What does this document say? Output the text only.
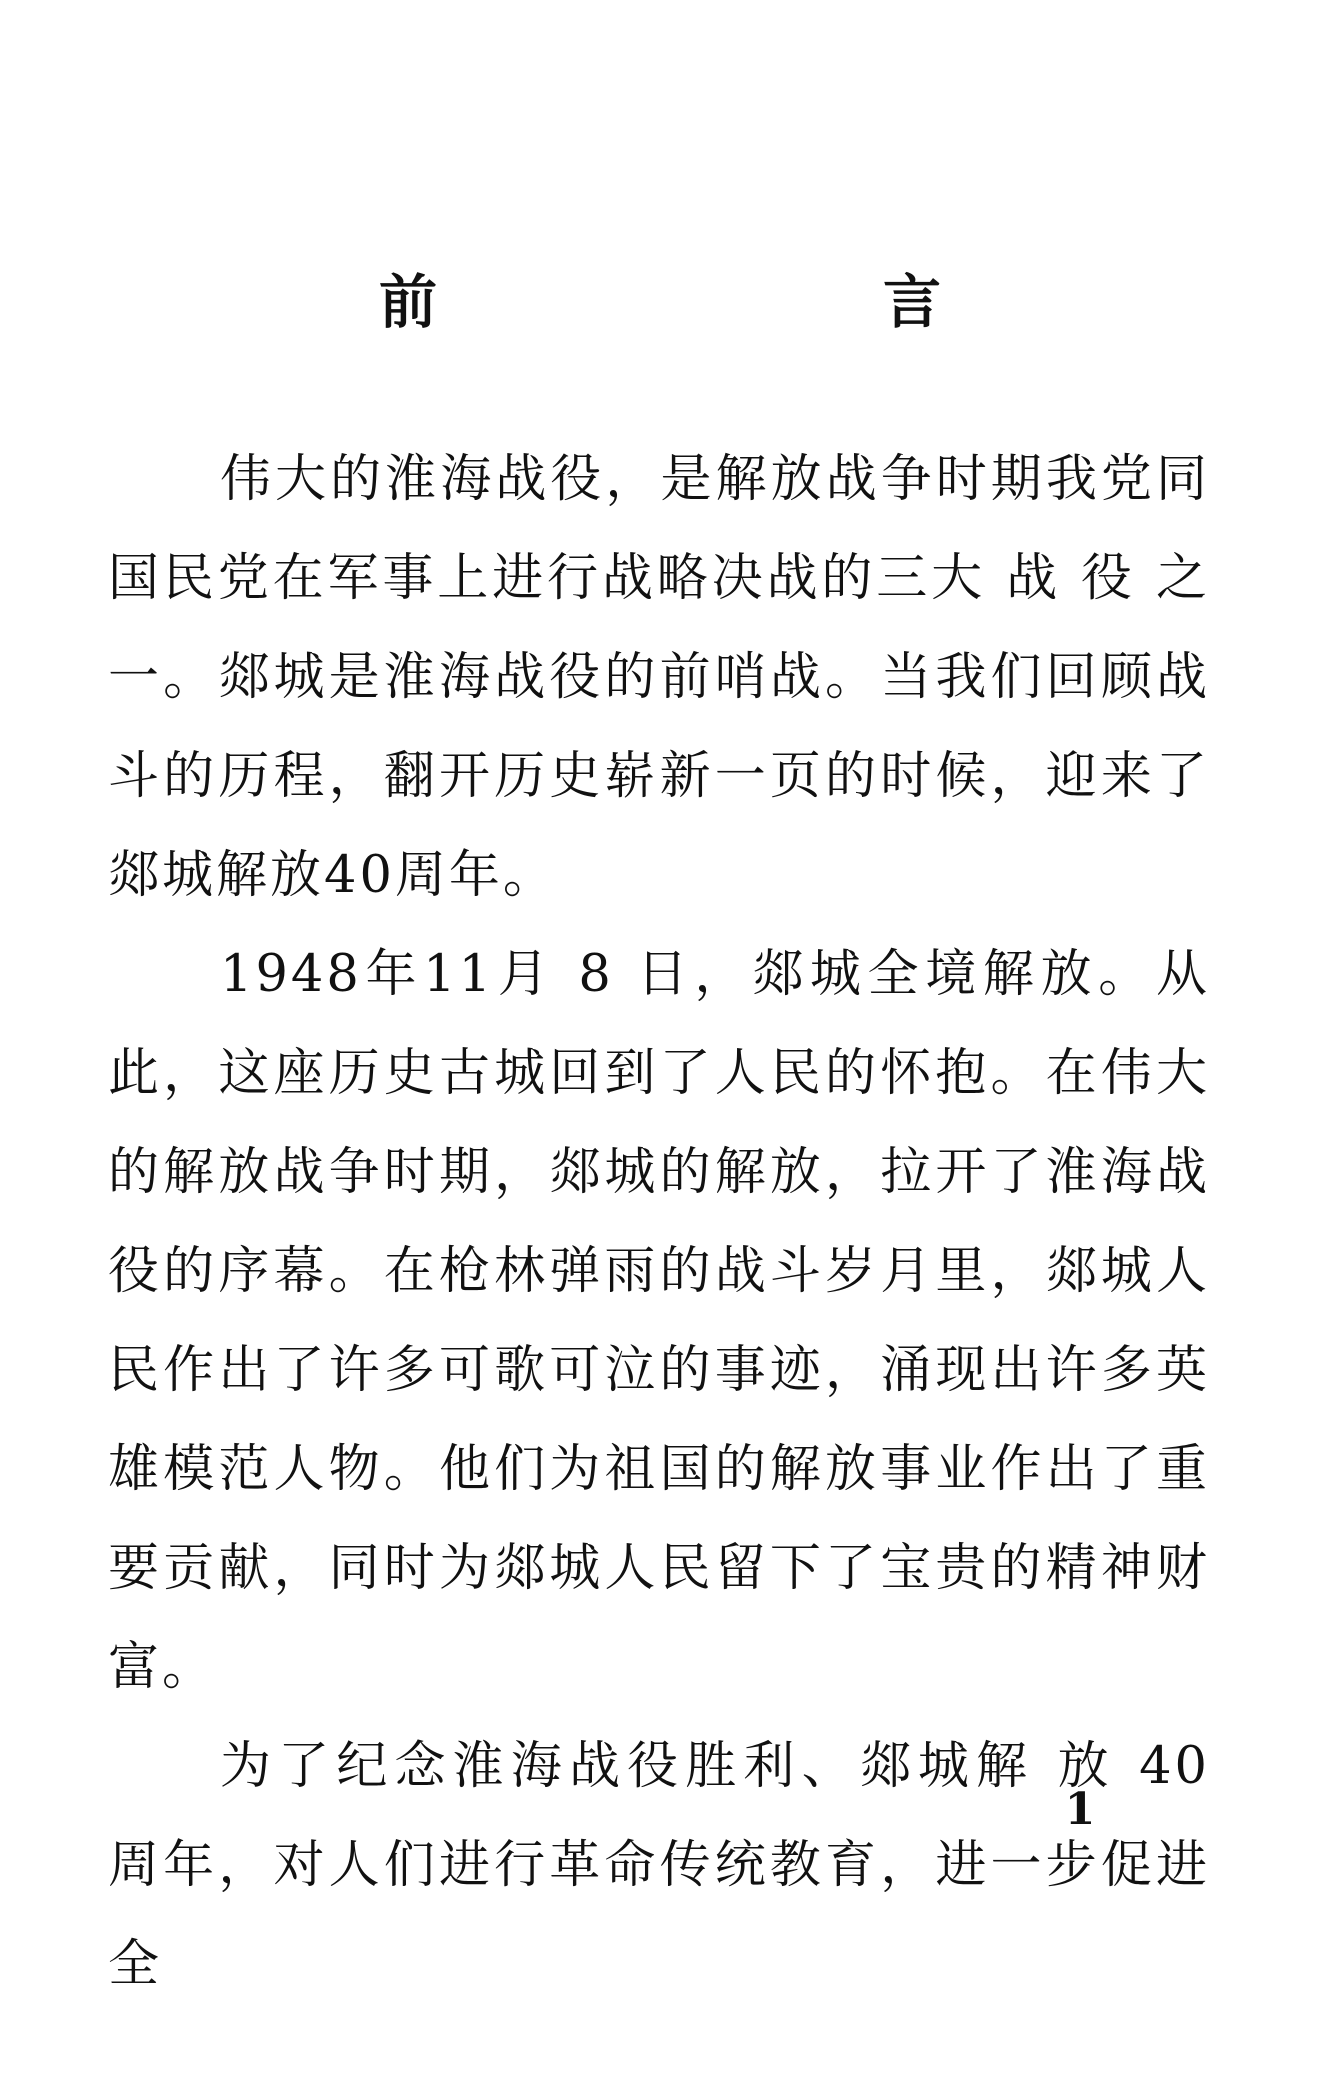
前　　言

伟大的淮海战役，是解放战争时期我党同国民党在军事上进行战略决战的三大 战 役 之一。郯城是淮海战役的前哨战。当我们回顾战斗的历程，翻开历史崭新一页的时候，迎来了郯城解放40周年。

1948年11月 8 日，郯城全境解放。从此，这座历史古城回到了人民的怀抱。在伟大的解放战争时期，郯城的解放，拉开了淮海战役的序幕。在枪林弹雨的战斗岁月里，郯城人民作出了许多可歌可泣的事迹，涌现出许多英雄模范人物。他们为祖国的解放事业作出了重要贡献，同时为郯城人民留下了宝贵的精神财富。

为了纪念淮海战役胜利、郯城解 放 40 周年，对人们进行革命传统教育，进一步促进全

1
